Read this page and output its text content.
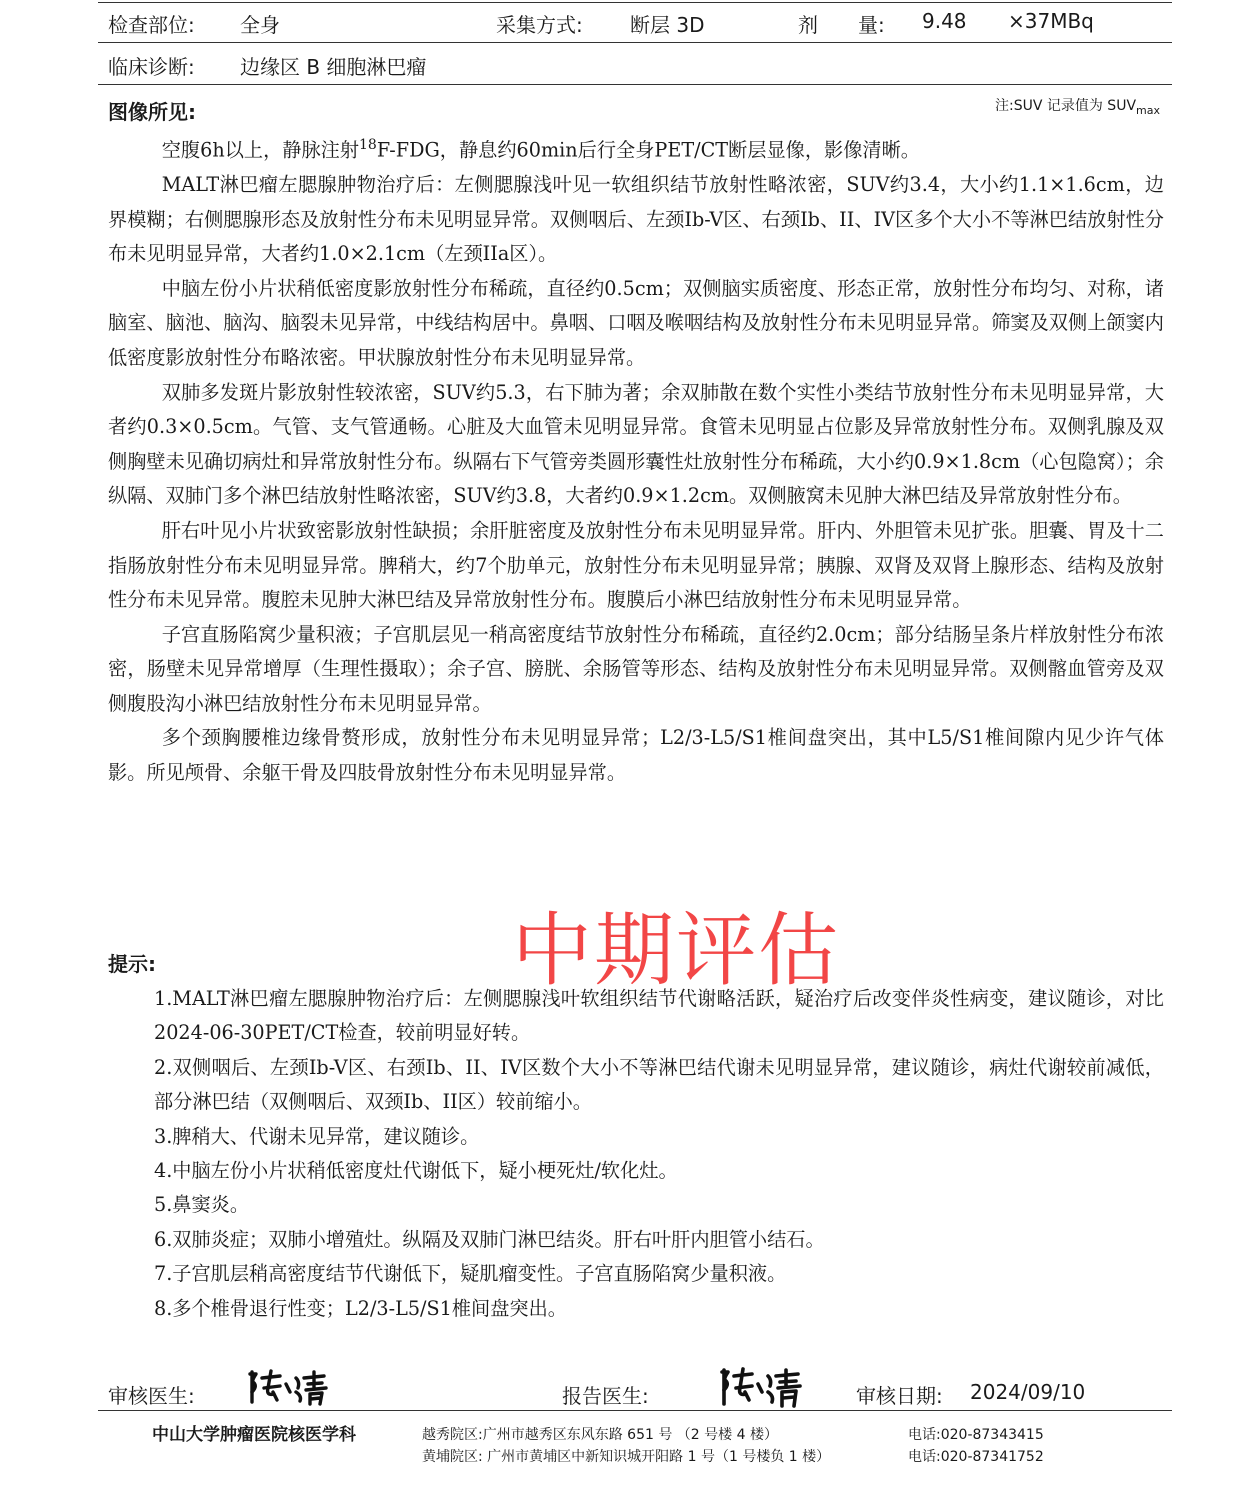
检查部位: 全身	采集方式: 断层 3D	剂　　量: 9.48 ×37MBq
临床诊断: 边缘区 B 细胞淋巴瘤
图像所见:	注:SUV 记录值为 $SUV_{max}$

空腹6h以上，静脉注射$^{18}$F-FDG，静息约60min后行全身PET/CT断层显像，影像清晰。

MALT淋巴瘤左腮腺肿物治疗后：左侧腮腺浅叶见一软组织结节放射性略浓密，SUV约3.4，大小约1.1×1.6cm，边界模糊；右侧腮腺形态及放射性分布未见明显异常。双侧咽后、左颈Ib-V区、右颈Ib、II、IV区多个大小不等淋巴结放射性分布未见明显异常，大者约1.0×2.1cm（左颈IIa区）。

中脑左份小片状稍低密度影放射性分布稀疏，直径约0.5cm；双侧脑实质密度、形态正常，放射性分布均匀、对称，诸脑室、脑池、脑沟、脑裂未见异常，中线结构居中。鼻咽、口咽及喉咽结构及放射性分布未见明显异常。筛窦及双侧上颌窦内低密度影放射性分布略浓密。甲状腺放射性分布未见明显异常。

双肺多发斑片影放射性较浓密，SUV约5.3，右下肺为著；余双肺散在数个实性小类结节放射性分布未见明显异常，大者约0.3×0.5cm。气管、支气管通畅。心脏及大血管未见明显异常。食管未见明显占位影及异常放射性分布。双侧乳腺及双侧胸壁未见确切病灶和异常放射性分布。纵隔右下气管旁类圆形囊性灶放射性分布稀疏，大小约0.9×1.8cm（心包隐窝）；余纵隔、双肺门多个淋巴结放射性略浓密，SUV约3.8，大者约0.9×1.2cm。双侧腋窝未见肿大淋巴结及异常放射性分布。

肝右叶见小片状致密影放射性缺损；余肝脏密度及放射性分布未见明显异常。肝内、外胆管未见扩张。胆囊、胃及十二指肠放射性分布未见明显异常。脾稍大，约7个肋单元，放射性分布未见明显异常；胰腺、双肾及双肾上腺形态、结构及放射性分布未见异常。腹腔未见肿大淋巴结及异常放射性分布。腹膜后小淋巴结放射性分布未见明显异常。

子宫直肠陷窝少量积液；子宫肌层见一稍高密度结节放射性分布稀疏，直径约2.0cm；部分结肠呈条片样放射性分布浓密，肠壁未见异常增厚（生理性摄取）；余子宫、膀胱、余肠管等形态、结构及放射性分布未见明显异常。双侧髂血管旁及双侧腹股沟小淋巴结放射性分布未见明显异常。

多个颈胸腰椎边缘骨赘形成，放射性分布未见明显异常；L2/3-L5/S1椎间盘突出，其中L5/S1椎间隙内见少许气体影。所见颅骨、余躯干骨及四肢骨放射性分布未见明显异常。

中期评估
提示:

1.MALT淋巴瘤左腮腺肿物治疗后：左侧腮腺浅叶软组织结节代谢略活跃，疑治疗后改变伴炎性病变，建议随诊，对比2024-06-30PET/CT检查，较前明显好转。

2.双侧咽后、左颈Ib-V区、右颈Ib、II、IV区数个大小不等淋巴结代谢未见明显异常，建议随诊，病灶代谢较前减低，部分淋巴结（双侧咽后、双颈Ib、II区）较前缩小。

3.脾稍大、代谢未见异常，建议随诊。

4.中脑左份小片状稍低密度灶代谢低下，疑小梗死灶/软化灶。

5.鼻窦炎。

6.双肺炎症；双肺小增殖灶。纵隔及双肺门淋巴结炎。肝右叶肝内胆管小结石。

7.子宫肌层稍高密度结节代谢低下，疑肌瘤变性。子宫直肠陷窝少量积液。

8.多个椎骨退行性变；L2/3-L5/S1椎间盘突出。

审核医生:	报告医生:	审核日期: 2024/09/10
中山大学肿瘤医院核医学科	越秀院区:广州市越秀区东风东路 651 号 （2 号楼 4 楼）	电话:020-87343415
黄埔院区: 广州市黄埔区中新知识城开阳路 1 号（1 号楼负 1 楼）	电话:020-87341752
